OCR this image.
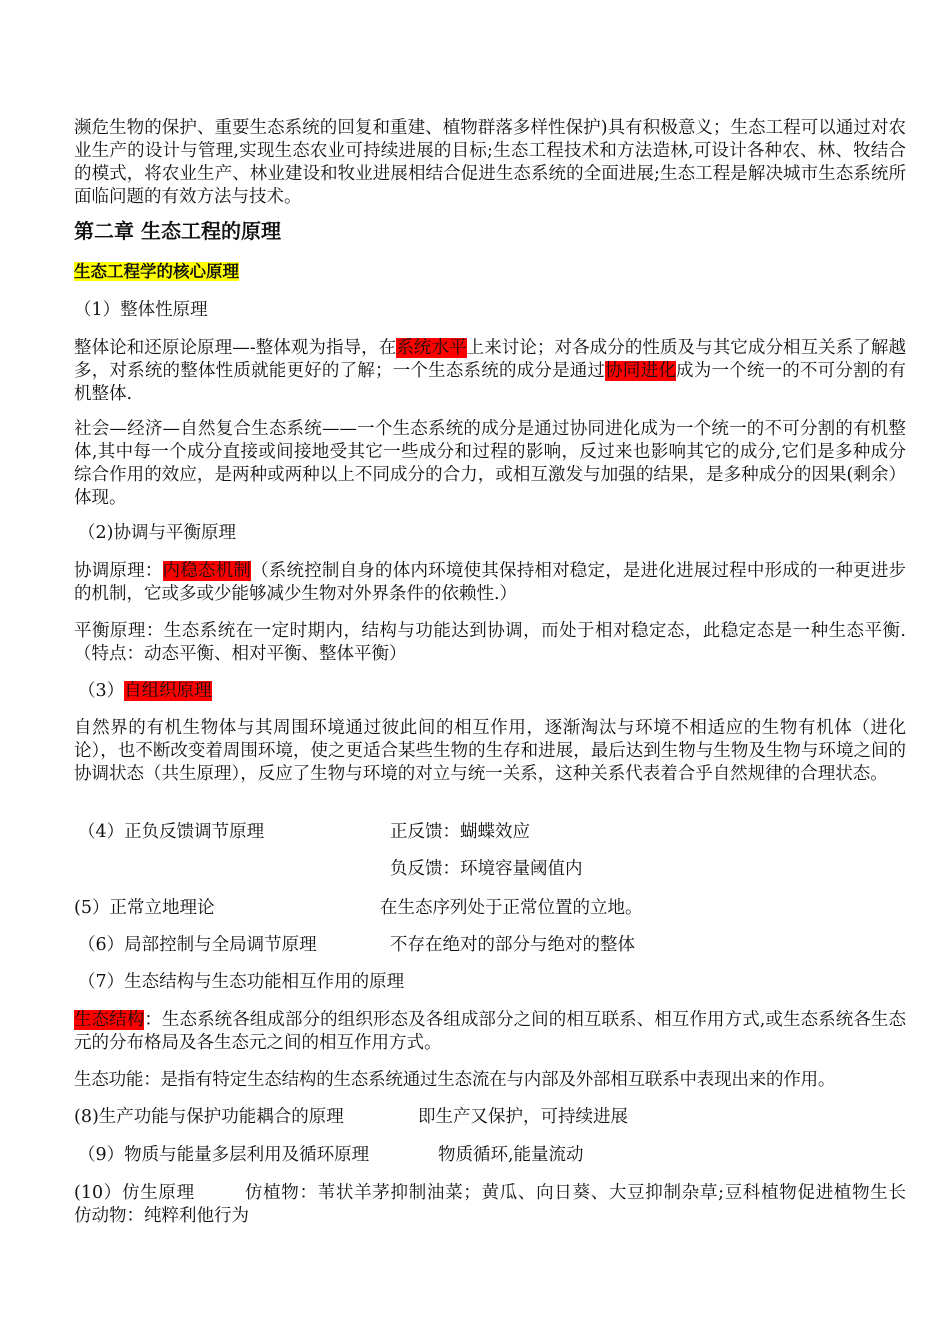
濒危生物的保护、重要生态系统的回复和重建、植物群落多样性保护)具有积极意义；生态工程可以通过对农业生产的设计与管理,实现生态农业可持续进展的目标;生态工程技术和方法造林,可设计各种农、林、牧结合的模式，将农业生产、林业建设和牧业进展相结合促进生态系统的全面进展;生态工程是解决城市生态系统所面临问题的有效方法与技术。

第二章 生态工程的原理
生态工程学的核心原理
（1）整体性原理

整体论和还原论原理—-整体观为指导，在系统水平上来讨论；对各成分的性质及与其它成分相互关系了解越多，对系统的整体性质就能更好的了解；一个生态系统的成分是通过协同进化成为一个统一的不可分割的有机整体.

社会—经济—自然复合生态系统——一个生态系统的成分是通过协同进化成为一个统一的不可分割的有机整体,其中每一个成分直接或间接地受其它一些成分和过程的影响，反过来也影响其它的成分,它们是多种成分综合作用的效应，是两种或两种以上不同成分的合力，或相互激发与加强的结果，是多种成分的因果(剩余）体现。

（2)协调与平衡原理

协调原理：内稳态机制（系统控制自身的体内环境使其保持相对稳定，是进化进展过程中形成的一种更进步的机制，它或多或少能够减少生物对外界条件的依赖性.）

平衡原理：生态系统在一定时期内，结构与功能达到协调，而处于相对稳定态，此稳定态是一种生态平衡.（特点：动态平衡、相对平衡、整体平衡）

（3）自组织原理

自然界的有机生物体与其周围环境通过彼此间的相互作用，逐渐淘汰与环境不相适应的生物有机体（进化论），也不断改变着周围环境，使之更适合某些生物的生存和进展，最后达到生物与生物及生物与环境之间的协调状态（共生原理），反应了生物与环境的对立与统一关系，这种关系代表着合乎自然规律的合理状态。

（4）正负反馈调节原理	正反馈：蝴蝶效应
负反馈：环境容量阈值内
(5）正常立地理论	在生态序列处于正常位置的立地。
（6）局部控制与全局调节原理	不存在绝对的部分与绝对的整体
（7）生态结构与生态功能相互作用的原理

生态结构：生态系统各组成部分的组织形态及各组成部分之间的相互联系、相互作用方式,或生态系统各生态元的分布格局及各生态元之间的相互作用方式。

生态功能：是指有特定生态结构的生态系统通过生态流在与内部及外部相互联系中表现出来的作用。

(8)生产功能与保护功能耦合的原理	即生产又保护，可持续进展
（9）物质与能量多层利用及循环原理	物质循环,能量流动

(10）仿生原理        仿植物：苇状羊茅抑制油菜；黄瓜、向日葵、大豆抑制杂草;豆科植物促进植物生长      仿动物：纯粹利他行为
